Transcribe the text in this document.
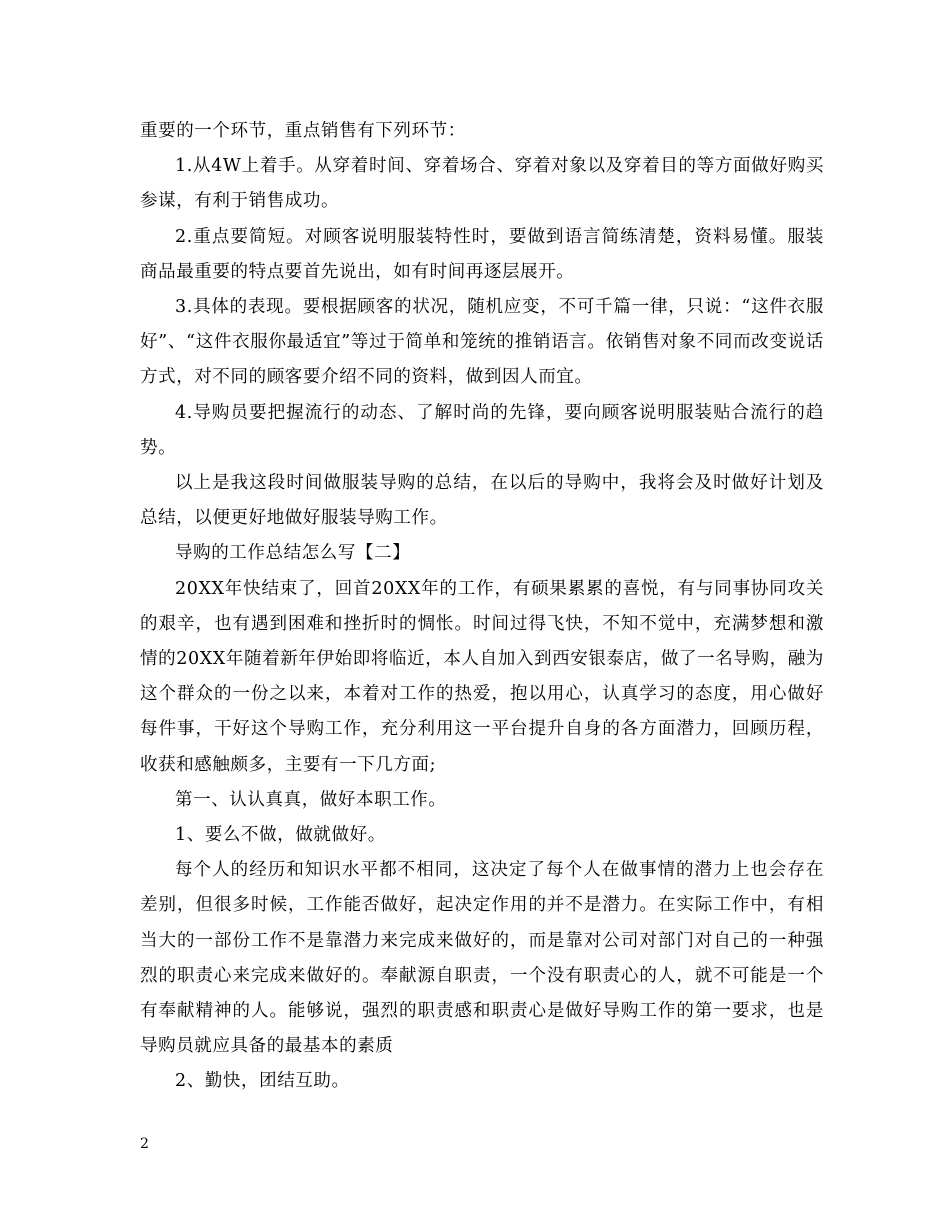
重要的一个环节，重点销售有下列环节：

1.从4W上着手。从穿着时间、穿着场合、穿着对象以及穿着目的等方面做好购买参谋，有利于销售成功。

2.重点要简短。对顾客说明服装特性时，要做到语言简练清楚，资料易懂。服装商品最重要的特点要首先说出，如有时间再逐层展开。

3.具体的表现。要根据顾客的状况，随机应变，不可千篇一律，只说：“这件衣服好”、“这件衣服你最适宜”等过于简单和笼统的推销语言。依销售对象不同而改变说话方式，对不同的顾客要介绍不同的资料，做到因人而宜。

4.导购员要把握流行的动态、了解时尚的先锋，要向顾客说明服装贴合流行的趋势。

以上是我这段时间做服装导购的总结，在以后的导购中，我将会及时做好计划及总结，以便更好地做好服装导购工作。

导购的工作总结怎么写【二】

20XX年快结束了，回首20XX年的工作，有硕果累累的喜悦，有与同事协同攻关的艰辛，也有遇到困难和挫折时的惆怅。时间过得飞快，不知不觉中，充满梦想和激情的20XX年随着新年伊始即将临近，本人自加入到西安银泰店，做了一名导购，融为这个群众的一份之以来，本着对工作的热爱，抱以用心，认真学习的态度，用心做好每件事，干好这个导购工作，充分利用这一平台提升自身的各方面潜力，回顾历程，收获和感触颇多，主要有一下几方面;

第一、认认真真，做好本职工作。

1、要么不做，做就做好。

每个人的经历和知识水平都不相同，这决定了每个人在做事情的潜力上也会存在差别，但很多时候，工作能否做好，起决定作用的并不是潜力。在实际工作中，有相当大的一部份工作不是靠潜力来完成来做好的，而是靠对公司对部门对自己的一种强烈的职责心来完成来做好的。奉献源自职责，一个没有职责心的人，就不可能是一个有奉献精神的人。能够说，强烈的职责感和职责心是做好导购工作的第一要求，也是导购员就应具备的最基本的素质

2、勤快，团结互助。

2
